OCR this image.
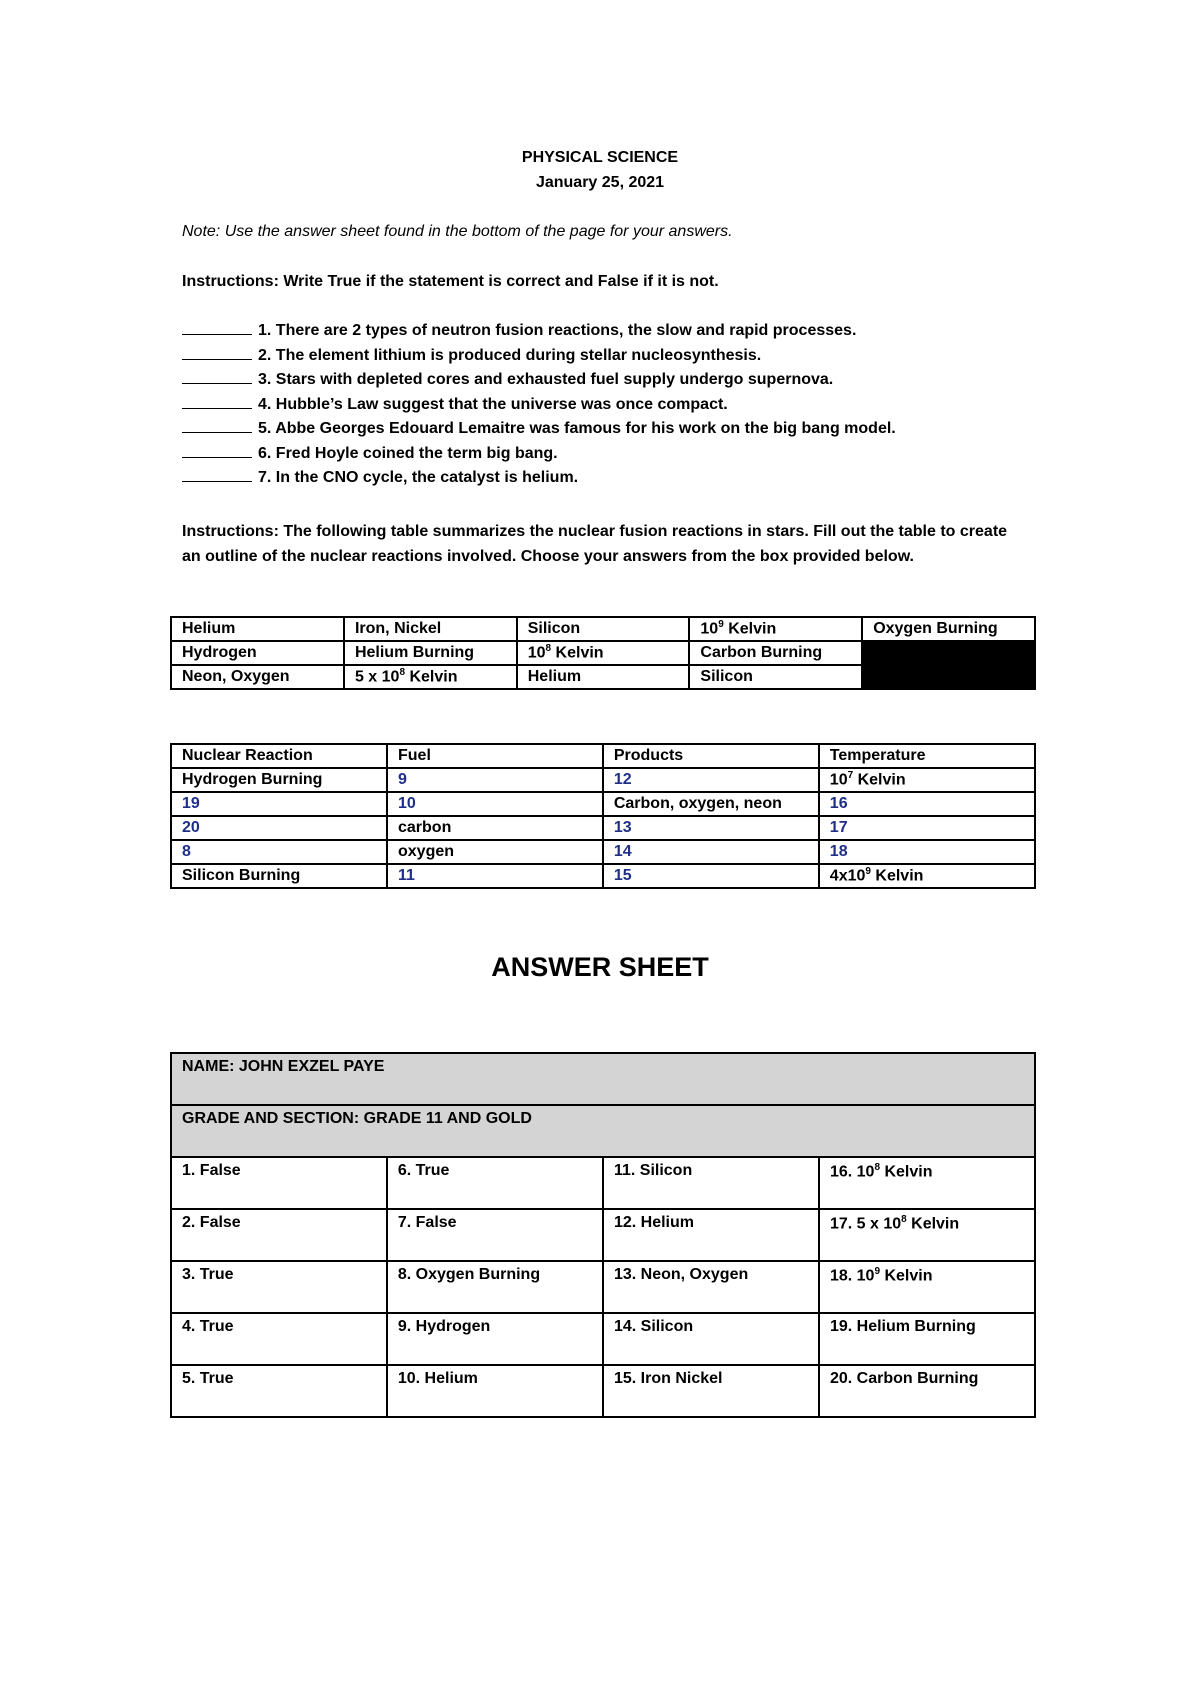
PHYSICAL SCIENCE
January 25, 2021
Note: Use the answer sheet found in the bottom of the page for your answers.
Instructions: Write True if the statement is correct and False if it is not.
1. There are 2 types of neutron fusion reactions, the slow and rapid processes.
2. The element lithium is produced during stellar nucleosynthesis.
3. Stars with depleted cores and exhausted fuel supply undergo supernova.
4. Hubble’s Law suggest that the universe was once compact.
5. Abbe Georges Edouard Lemaitre was famous for his work on the big bang model.
6. Fred Hoyle coined the term big bang.
7. In the CNO cycle, the catalyst is helium.
Instructions: The following table summarizes the nuclear fusion reactions in stars. Fill out the table to create an outline of the nuclear reactions involved. Choose your answers from the box provided below.
Helium	Iron, Nickel	Silicon	$10^9$ Kelvin	Oxygen Burning
Hydrogen	Helium Burning	$10^8$ Kelvin	Carbon Burning	
Neon, Oxygen	5 x $10^8$ Kelvin	Helium	Silicon	
Nuclear Reaction	Fuel	Products	Temperature
Hydrogen Burning	9	12	$10^7$ Kelvin
19	10	Carbon, oxygen, neon	16
20	carbon	13	17
8	oxygen	14	18
Silicon Burning	11	15	$4x10^9$ Kelvin
ANSWER SHEET
NAME: JOHN EXZEL PAYE			
GRADE AND SECTION: GRADE 11 AND GOLD			
1. False	6. True	11. Silicon	16. $10^8$ Kelvin
2. False	7. False	12. Helium	17. 5 x $10^8$ Kelvin
3. True	8. Oxygen Burning	13. Neon, Oxygen	18. $10^9$ Kelvin
4. True	9. Hydrogen	14. Silicon	19. Helium Burning
5. True	10. Helium	15. Iron Nickel	20. Carbon Burning
